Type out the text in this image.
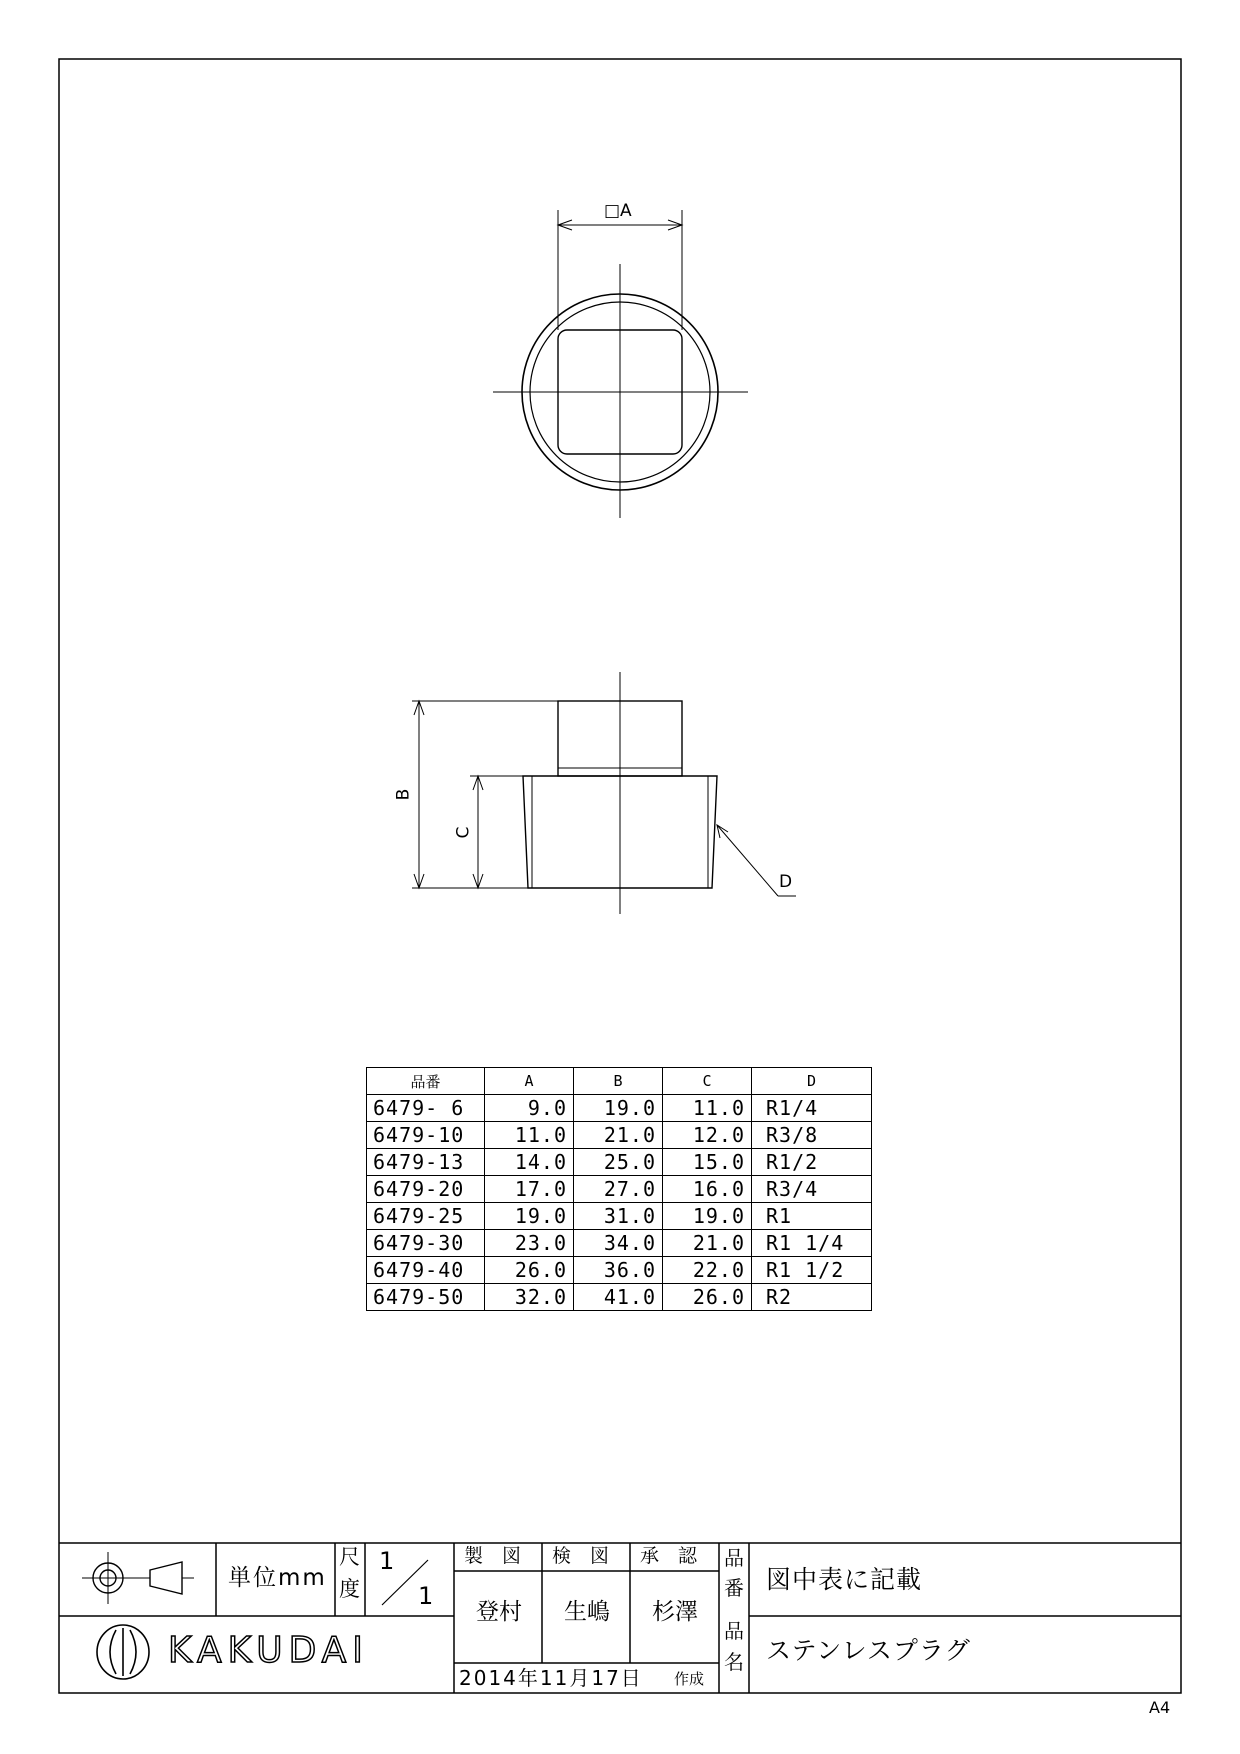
□A
B
C
D
品番	A	B	C	D
6479- 6	9.0	19.0	11.0	R1/4
6479-10	11.0	21.0	12.0	R3/8
6479-13	14.0	25.0	15.0	R1/2
6479-20	17.0	27.0	16.0	R3/4
6479-25	19.0	31.0	19.0	R1
6479-30	23.0	34.0	21.0	R1 1/4
6479-40	26.0	36.0	22.0	R1 1/2
6479-50	32.0	41.0	26.0	R2
単位mm
尺
度
1
1
製　図 検　図 承　認
登村 生嶋 杉澤
2014年11月17日 作成
品
番 図中表に記載
品
名 ステンレスプラグ
KAKUDAI
A4
